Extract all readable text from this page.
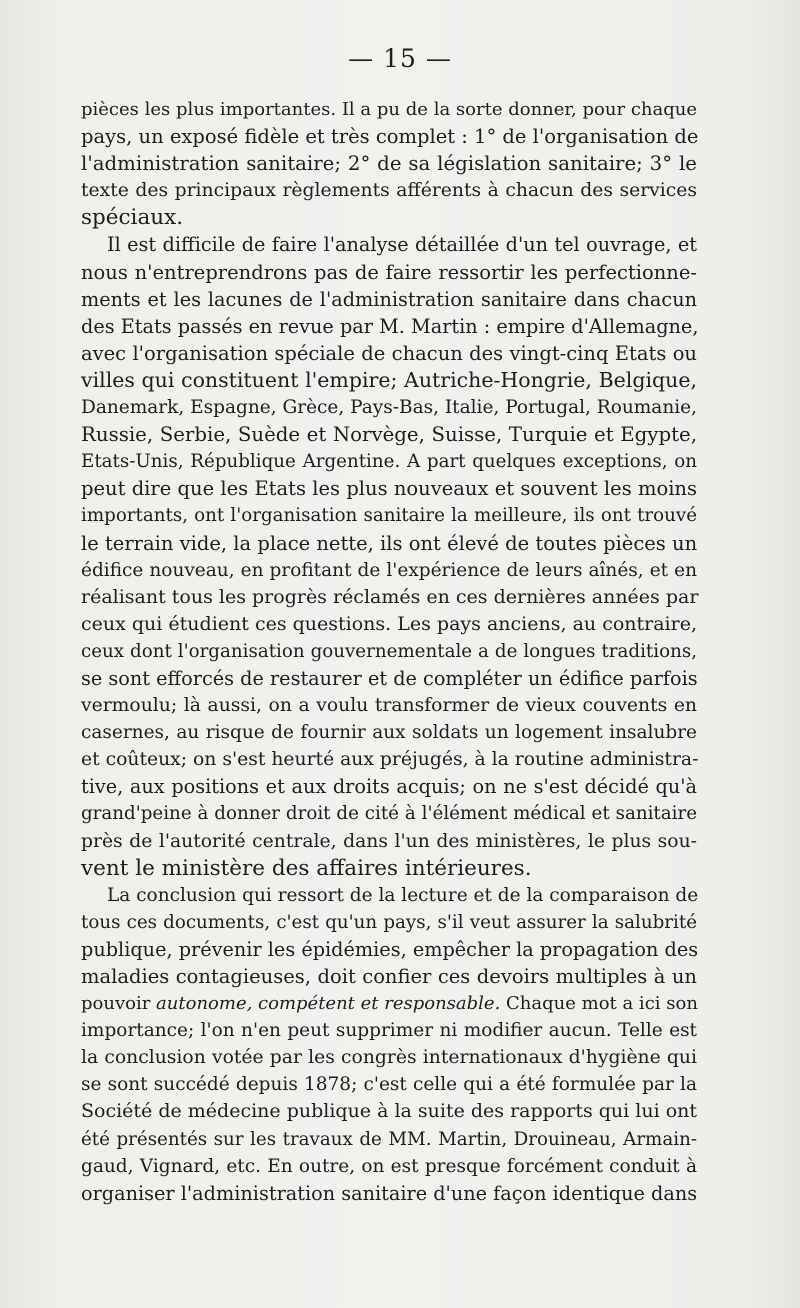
— 15 —
pièces les plus importantes. Il a pu de la sorte donner, pour chaque
pays, un exposé fidèle et très complet : 1° de l'organisation de
l'administration sanitaire; 2° de sa législation sanitaire; 3° le
texte des principaux règlements afférents à chacun des services
spéciaux.
Il est difficile de faire l'analyse détaillée d'un tel ouvrage, et
nous n'entreprendrons pas de faire ressortir les perfectionne-
ments et les lacunes de l'administration sanitaire dans chacun
des Etats passés en revue par M. Martin : empire d'Allemagne,
avec l'organisation spéciale de chacun des vingt-cinq Etats ou
villes qui constituent l'empire; Autriche-Hongrie, Belgique,
Danemark, Espagne, Grèce, Pays-Bas, Italie, Portugal, Roumanie,
Russie, Serbie, Suède et Norvège, Suisse, Turquie et Egypte,
Etats-Unis, République Argentine. A part quelques exceptions, on
peut dire que les Etats les plus nouveaux et souvent les moins
importants, ont l'organisation sanitaire la meilleure, ils ont trouvé
le terrain vide, la place nette, ils ont élevé de toutes pièces un
édifice nouveau, en profitant de l'expérience de leurs aînés, et en
réalisant tous les progrès réclamés en ces dernières années par
ceux qui étudient ces questions. Les pays anciens, au contraire,
ceux dont l'organisation gouvernementale a de longues traditions,
se sont efforcés de restaurer et de compléter un édifice parfois
vermoulu; là aussi, on a voulu transformer de vieux couvents en
casernes, au risque de fournir aux soldats un logement insalubre
et coûteux; on s'est heurté aux préjugés, à la routine administra-
tive, aux positions et aux droits acquis; on ne s'est décidé qu'à
grand'peine à donner droit de cité à l'élément médical et sanitaire
près de l'autorité centrale, dans l'un des ministères, le plus sou-
vent le ministère des affaires intérieures.
La conclusion qui ressort de la lecture et de la comparaison de
tous ces documents, c'est qu'un pays, s'il veut assurer la salubrité
publique, prévenir les épidémies, empêcher la propagation des
maladies contagieuses, doit confier ces devoirs multiples à un
pouvoir autonome, compétent et responsable. Chaque mot a ici son
importance; l'on n'en peut supprimer ni modifier aucun. Telle est
la conclusion votée par les congrès internationaux d'hygiène qui
se sont succédé depuis 1878; c'est celle qui a été formulée par la
Société de médecine publique à la suite des rapports qui lui ont
été présentés sur les travaux de MM. Martin, Drouineau, Armain-
gaud, Vignard, etc. En outre, on est presque forcément conduit à
organiser l'administration sanitaire d'une façon identique dans
